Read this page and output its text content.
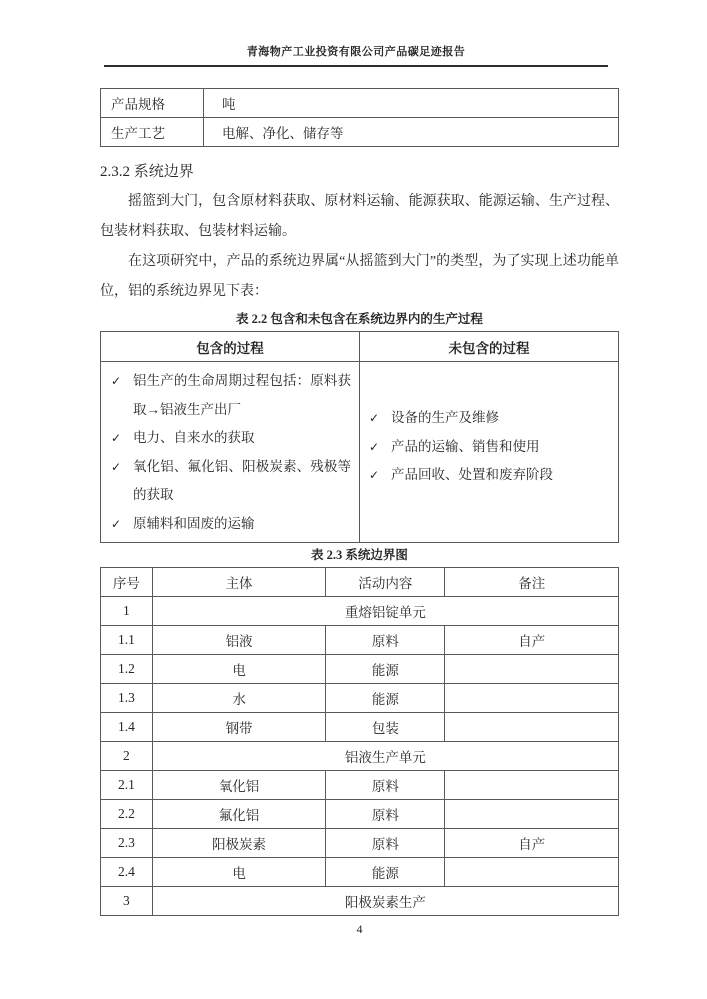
青海物产工业投资有限公司产品碳足迹报告
产品规格	吨
生产工艺	电解、净化、储存等
2.3.2 系统边界

摇篮到大门，包含原材料获取、原材料运输、能源获取、能源运输、生产过程、包装材料获取、包装材料运输。

在这项研究中，产品的系统边界属“从摇篮到大门”的类型，为了实现上述功能单位，铝的系统边界见下表：

表 2.2 包含和未包含在系统边界内的生产过程
包含的过程	未包含的过程

✓ 铝生产的生命周期过程包括：原料获取→铝液生产出厂
✓ 电力、自来水的获取
✓ 氧化铝、氟化铝、阳极炭素、残极等的获取
✓ 原辅料和固废的运输

✓ 设备的生产及维修
✓ 产品的运输、销售和使用
✓ 产品回收、处置和废弃阶段
表 2.3 系统边界图
序号	主体	活动内容	备注
1	重熔铝锭单元		
1.1	铝液	原料	自产
1.2	电	能源	
1.3	水	能源	
1.4	钢带	包装	
2	铝液生产单元		
2.1	氧化铝	原料	
2.2	氟化铝	原料	
2.3	阳极炭素	原料	自产
2.4	电	能源	
3	阳极炭素生产		
4
